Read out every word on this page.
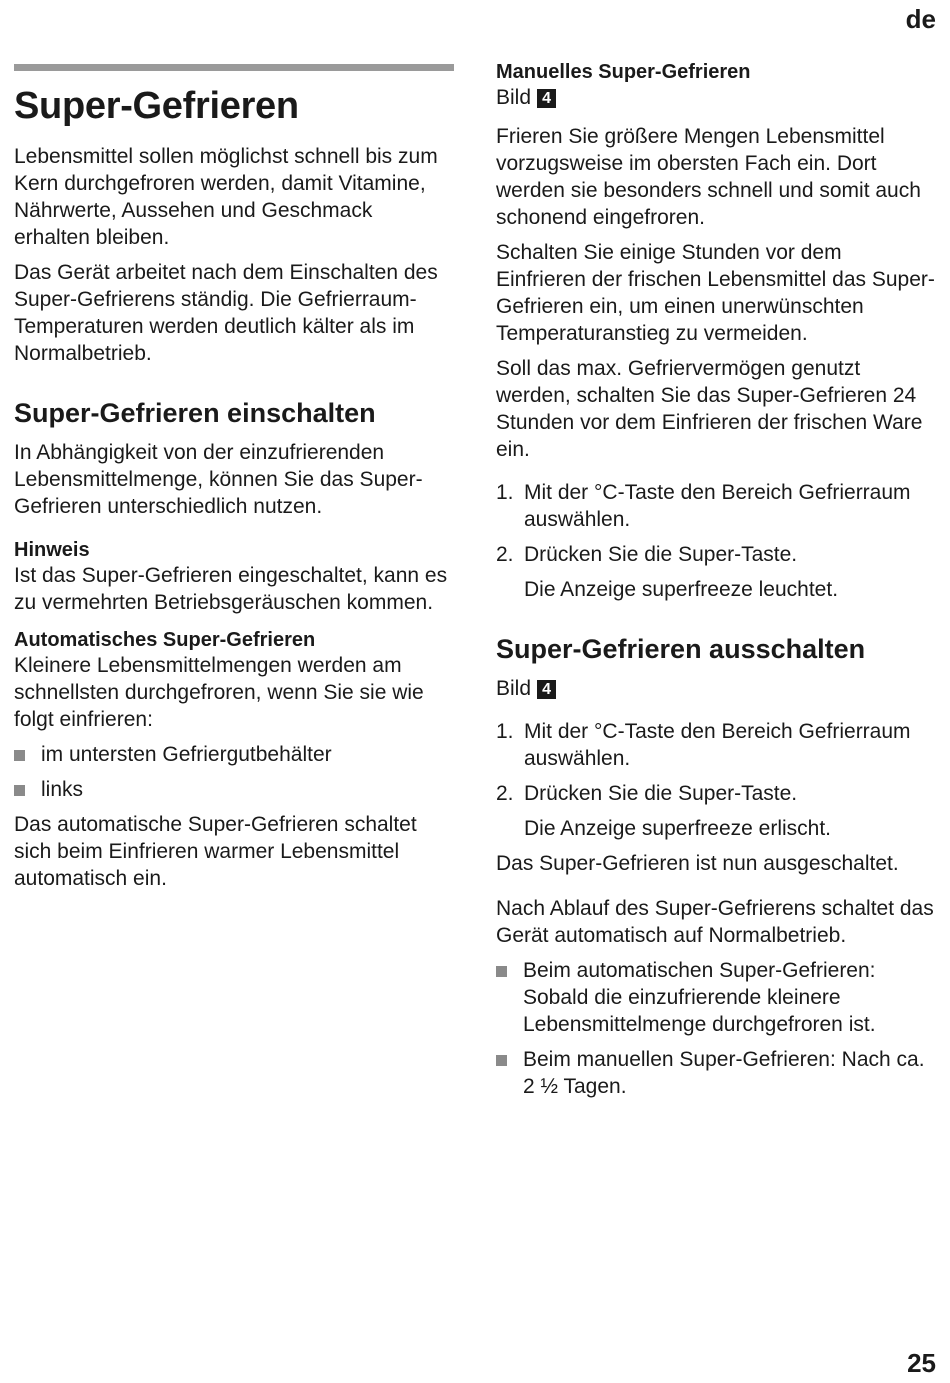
de
Super-Gefrieren

Lebensmittel sollen möglichst schnell bis zum Kern durchgefroren werden, damit Vitamine, Nährwerte, Aussehen und Geschmack erhalten bleiben.

Das Gerät arbeitet nach dem Einschalten des Super-Gefrierens ständig. Die Gefrierraum-Temperaturen werden deutlich kälter als im Normalbetrieb.

Super-Gefrieren einschalten

In Abhängigkeit von der einzufrierenden Lebensmittelmenge, können Sie das Super-Gefrieren unterschiedlich nutzen.

Hinweis

Ist das Super-Gefrieren eingeschaltet, kann es zu vermehrten Betriebsgeräuschen kommen.

Automatisches Super-Gefrieren

Kleinere Lebensmittelmengen werden am schnellsten durchgefroren, wenn Sie sie wie folgt einfrieren:

im untersten Gefriergutbehälter
links

Das automatische Super-Gefrieren schaltet sich beim Einfrieren warmer Lebensmittel automatisch ein.

Manuelles Super-Gefrieren

Bild 4

Frieren Sie größere Mengen Lebensmittel vorzugsweise im obersten Fach ein. Dort werden sie besonders schnell und somit auch schonend eingefroren.

Schalten Sie einige Stunden vor dem Einfrieren der frischen Lebensmittel das Super-Gefrieren ein, um einen unerwünschten Temperaturanstieg zu vermeiden.

Soll das max. Gefriervermögen genutzt werden, schalten Sie das Super-Gefrieren 24 Stunden vor dem Einfrieren der frischen Ware ein.

1. Mit der °C-Taste den Bereich Gefrierraum auswählen.
2. Drücken Sie die Super-Taste.

Die Anzeige superfreeze leuchtet.

Super-Gefrieren ausschalten

Bild 4

1. Mit der °C-Taste den Bereich Gefrierraum auswählen.
2. Drücken Sie die Super-Taste.

Die Anzeige superfreeze erlischt.

Das Super-Gefrieren ist nun ausgeschaltet.

Nach Ablauf des Super-Gefrierens schaltet das Gerät automatisch auf Normalbetrieb.

Beim automatischen Super-Gefrieren: Sobald die einzufrierende kleinere Lebensmittelmenge durchgefroren ist.
Beim manuellen Super-Gefrieren: Nach ca. 2 ½ Tagen.
25
